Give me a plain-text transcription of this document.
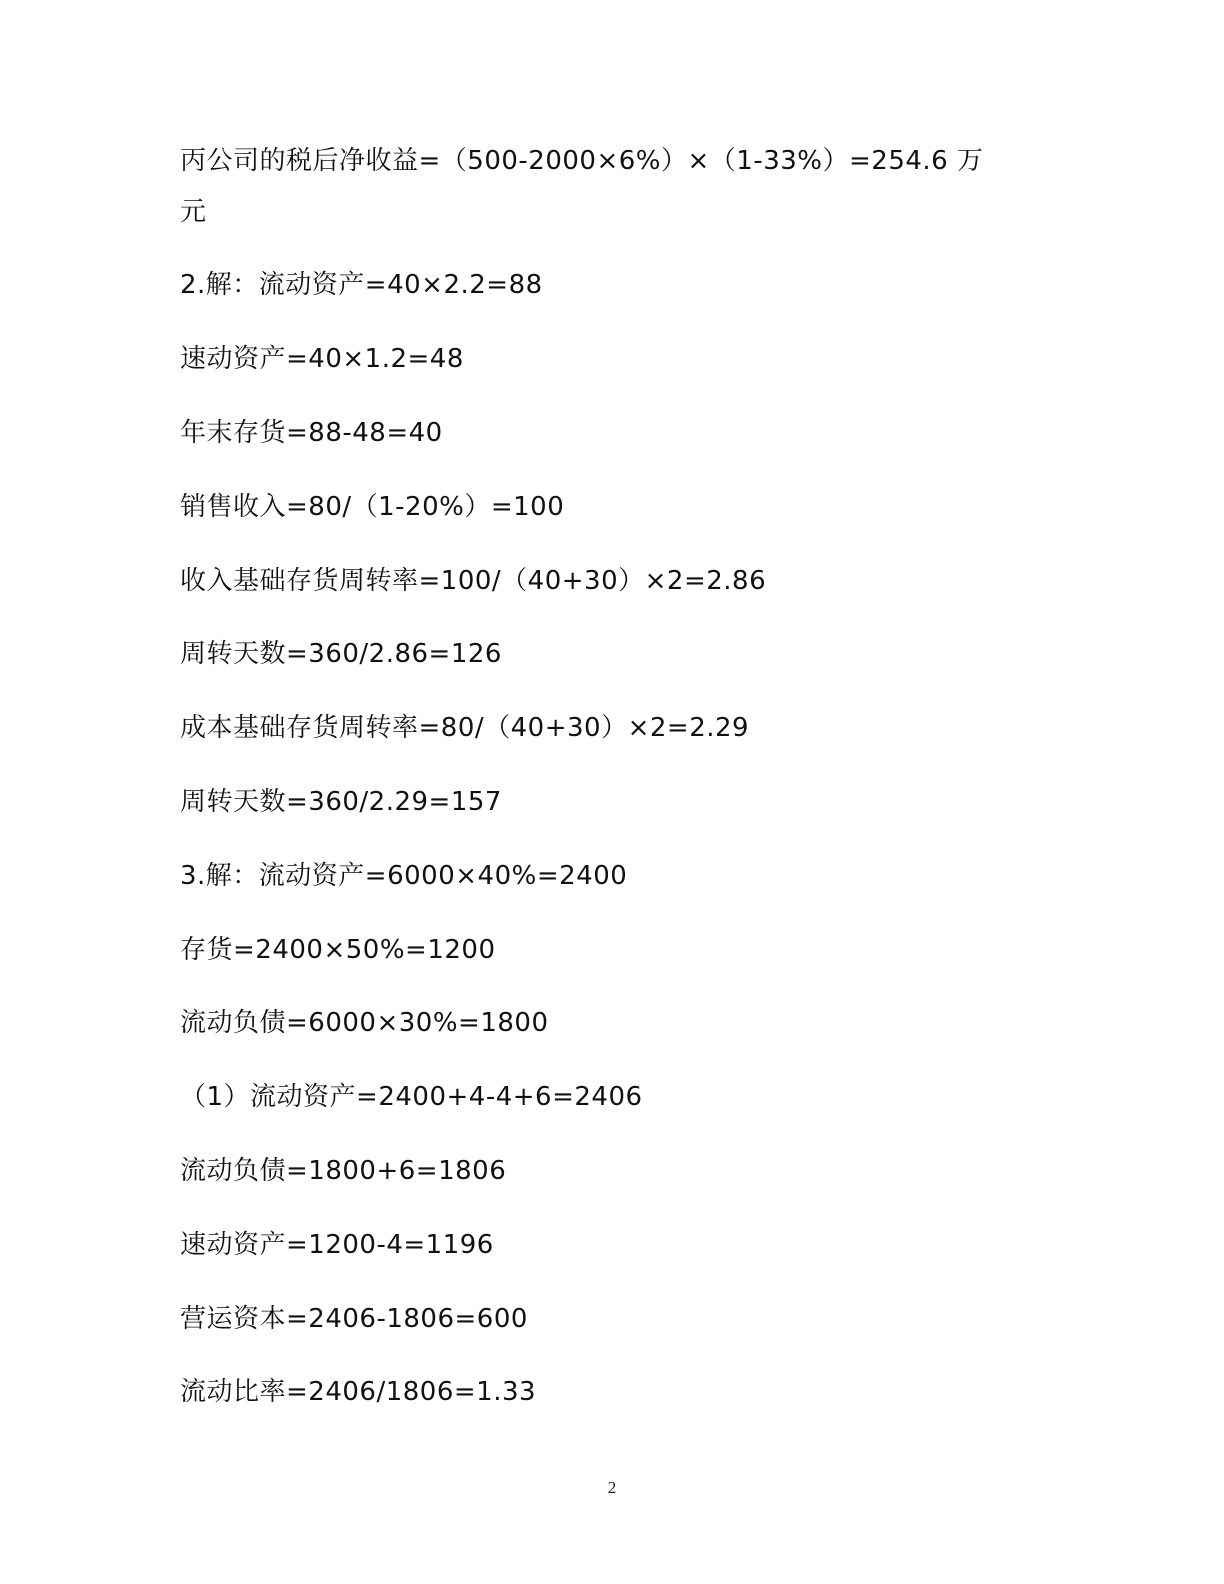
丙公司的税后净收益=（500-2000×6%）×（1-33%）=254.6 万
元
2.解：流动资产=40×2.2=88
速动资产=40×1.2=48
年末存货=88-48=40
销售收入=80/（1-20%）=100
收入基础存货周转率=100/（40+30）×2=2.86
周转天数=360/2.86=126
成本基础存货周转率=80/（40+30）×2=2.29
周转天数=360/2.29=157
3.解：流动资产=6000×40%=2400
存货=2400×50%=1200
流动负债=6000×30%=1800
（1）流动资产=2400+4-4+6=2406
流动负债=1800+6=1806
速动资产=1200-4=1196
营运资本=2406-1806=600
流动比率=2406/1806=1.33
2
